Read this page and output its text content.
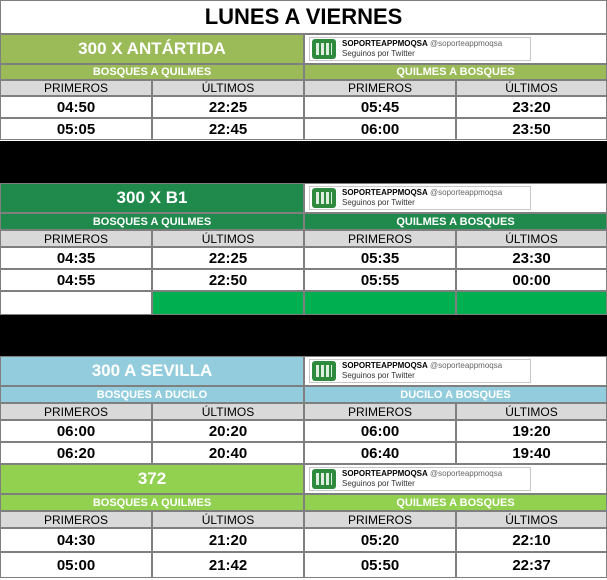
LUNES A VIERNES
300 X ANTÁRTIDA	SOPORTEAPPMOQSA @soporteappmoqsa
Seguinos por Twitter
BOSQUES A QUILMES	QUILMES A BOSQUES
PRIMEROS	ÚLTIMOS	PRIMEROS	ÚLTIMOS
04:50	22:25	05:45	23:20
05:05	22:45	06:00	23:50
300 X B1	SOPORTEAPPMOQSA @soporteappmoqsa
Seguinos por Twitter
BOSQUES A QUILMES	QUILMES A BOSQUES
PRIMEROS	ÚLTIMOS	PRIMEROS	ÚLTIMOS
04:35	22:25	05:35	23:30
04:55	22:50	05:55	00:00
300 A SEVILLA	SOPORTEAPPMOQSA @soporteappmoqsa
Seguinos por Twitter
BOSQUES A DUCILO	DUCILO A BOSQUES
PRIMEROS	ÚLTIMOS	PRIMEROS	ÚLTIMOS
06:00	20:20	06:00	19:20
06:20	20:40	06:40	19:40
372	SOPORTEAPPMOQSA @soporteappmoqsa
Seguinos por Twitter
BOSQUES A QUILMES	QUILMES A BOSQUES
PRIMEROS	ÚLTIMOS	PRIMEROS	ÚLTIMOS
04:30	21:20	05:20	22:10
05:00	21:42	05:50	22:37
